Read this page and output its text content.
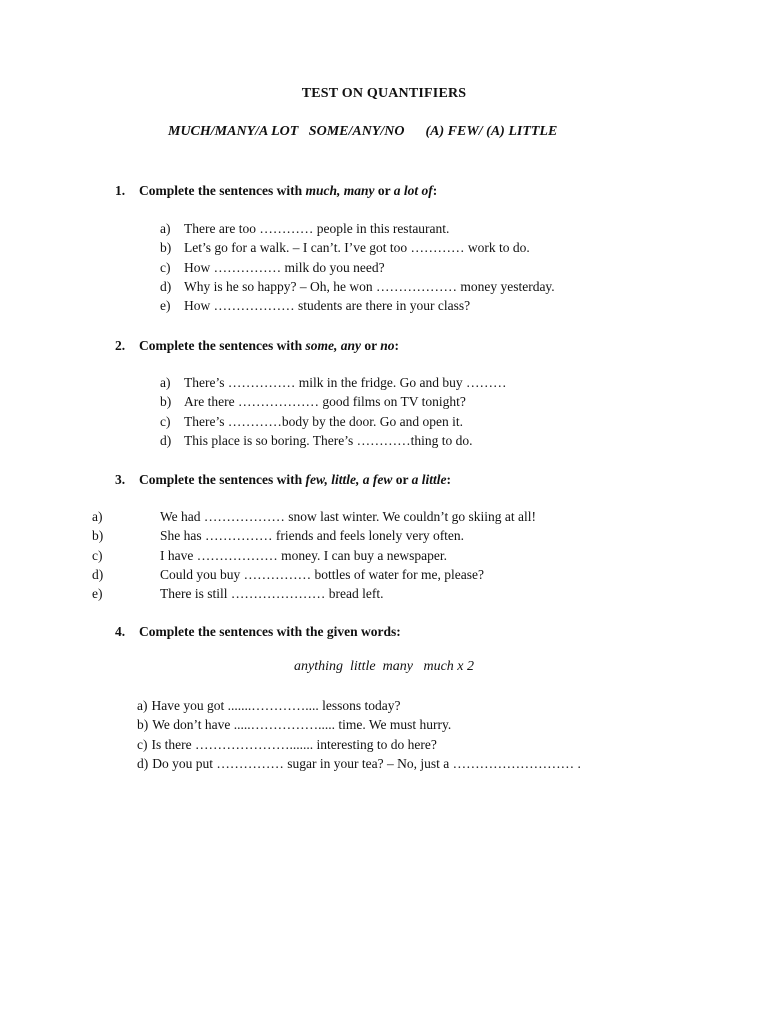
TEST ON QUANTIFIERS
MUCH/MANY/A LOT   SOME/ANY/NO      (A) FEW/ (A) LITTLE
1. Complete the sentences with much, many or a lot of:
a) There are too ………… people in this restaurant.
b) Let’s go for a walk. – I can’t. I’ve got too ………… work to do.
c) How …………… milk do you need?
d) Why is he so happy? – Oh, he won ……………… money yesterday.
e) How ……………… students are there in your class?
2. Complete the sentences with some, any or no:
a) There’s …………… milk in the fridge. Go and buy ………
b) Are there ……………… good films on TV tonight?
c) There’s …………body by the door. Go and open it.
d) This place is so boring. There’s …………thing to do.
3. Complete the sentences with few, little, a few or a little:
a)	We had ……………… snow last winter. We couldn’t go skiing at all!
b)	She has …………… friends and feels lonely very often.
c)	I have ……………… money. I can buy a newspaper.
d)	Could you buy …………… bottles of water for me, please?
e)	There is still ………………… bread left.
4. Complete the sentences with the given words:
anything  little  many   much x 2
a) Have you got .......………….... lessons today?
b) We don’t have .....……………..... time. We must hurry.
c) Is there …………………....... interesting to do here?
d) Do you put …………… sugar in your tea? – No, just a ……………………… .
